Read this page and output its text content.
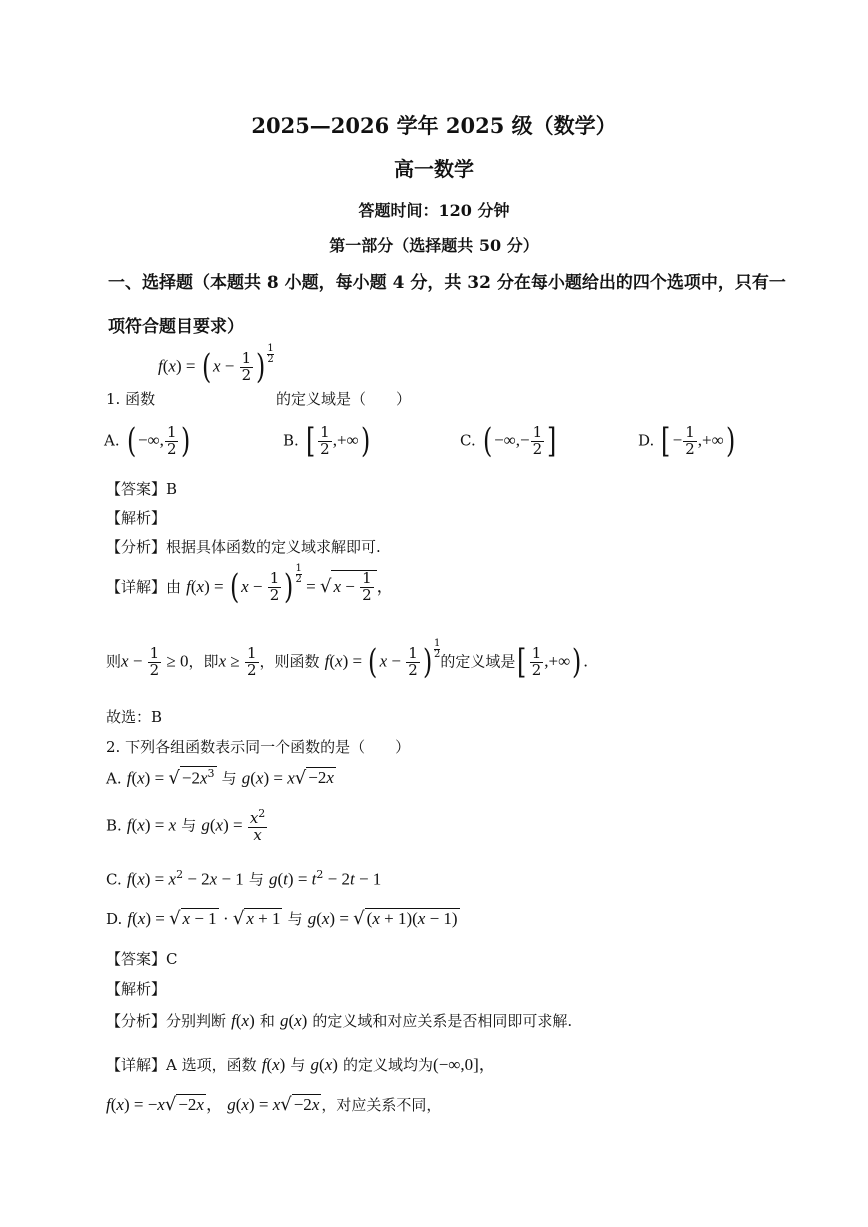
2025—2026 学年 2025 级（数学）
高一数学
答题时间：120 分钟
第一部分（选择题共 50 分）
一、选择题（本题共 8 小题，每小题 4 分，共 32 分在每小题给出的四个选项中，只有一
项符合题目要求）
1. 函数
f(x) = ( $x - \frac{1}{2}$ ) $\frac{1}{2}$
的定义域是（　　）
A. ( −∞, $\frac{1}{2}$ )	B. [ $\frac{1}{2}$ ,+∞)	C. ( −∞,− $\frac{1}{2}$ ]	D. [ − $\frac{1}{2}$ ,+∞)
【答案】B
【解析】
【分析】根据具体函数的定义域求解即可.
【详解】由 f(x) = ( $x - \frac{1}{2}$ ) $\frac{1}{2}$ = √ $x - \frac{1}{2}$ ，
则$x - \frac{1}{2} \ge 0$，即$x \ge \frac{1}{2}$ ，则函数 f(x) = ( $x - \frac{1}{2}$ ) $\frac{1}{2}$的定义域是[ $\frac{1}{2}$ ,+∞) .
故选：B
2. 下列各组函数表示同一个函数的是（　　）
A. f(x) = √ $-2x^3$ 与 g(x) = x√ −2x
B. f(x) = x 与 $g(x) = \frac{x^2}{x}$
C. $f(x) = x^2 - 2x - 1$ 与 $g(t) = t^2 - 2t - 1$
D. f(x) = √ x − 1 · √ x + 1 与 g(x) = √ (x + 1)(x − 1)
【答案】C
【解析】
【分析】分别判断 f(x) 和 g(x) 的定义域和对应关系是否相同即可求解.
【详解】A 选项，函数 f(x) 与 g(x) 的定义域均为(−∞,0]，
f(x) = −x√ −2x ， g(x) = x√ −2x ，对应关系不同，
